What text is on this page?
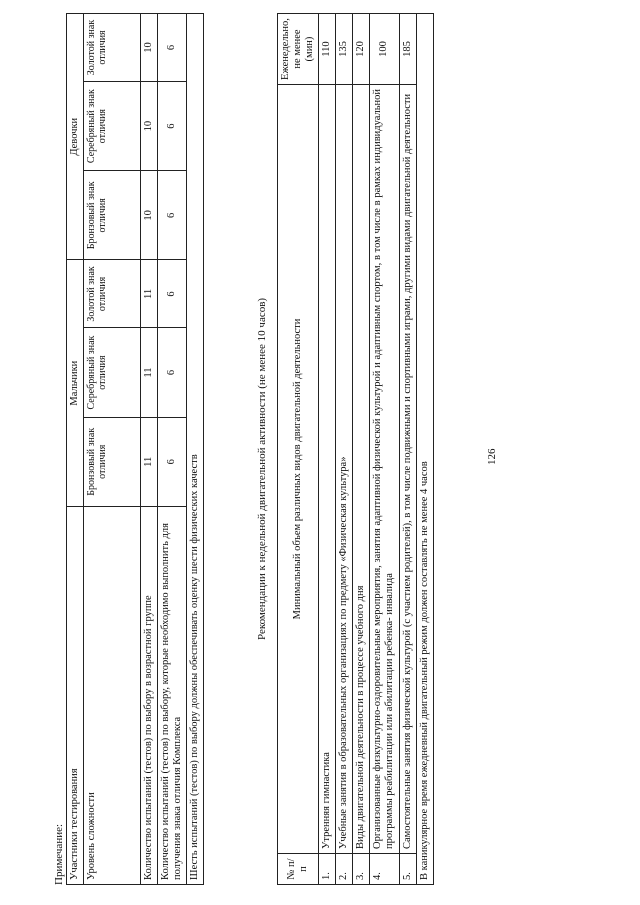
126
Примечание: Участники тестирования	Мальчики			Девочки		
Уровень сложности	Бронзовый знак отличия	Серебряный знак отличия	Золотой знак отличия	Бронзовый знак отличия	Серебряный знак отличия	Золотой знак отличия
Количество испытаний (тестов) по выбору в возрастной группе	11	11	11	10	10	10
Количество испытаний (тестов) по выбору, которые необходимо выполнить для получения знака отличия Комплекса	6	6	6	6	6	6
Шесть испытаний (тестов) по выбору должны обеспечивать оценку шести физических качеств							Рекомендации к недельной двигательной активности (не менее 10 часов)
№ п/п	Минимальный объем различных видов двигательной деятельности	Еженедельно, не менее (мин)
1.	Утренняя гимнастика	110
2.	Учебные занятия в образовательных организациях по предмету «Физическая культура»	135
3.	Виды двигательной деятельности в процессе учебного дня	120
4.	Организованные физкультурно-оздоровительные мероприятия, занятия адаптивной физической культурой и адаптивным спортом, в том числе в рамках индивидуальной программы реабилитации или абилитации ребенка- инвалида	100
5.	Самостоятельные занятия физической культурой (с участием родителей), в том числе подвижными и спортивными играми, другими видами двигательной деятельности	185
В каникулярное время ежедневный двигательный режим должен составлять не менее 4 часов		
